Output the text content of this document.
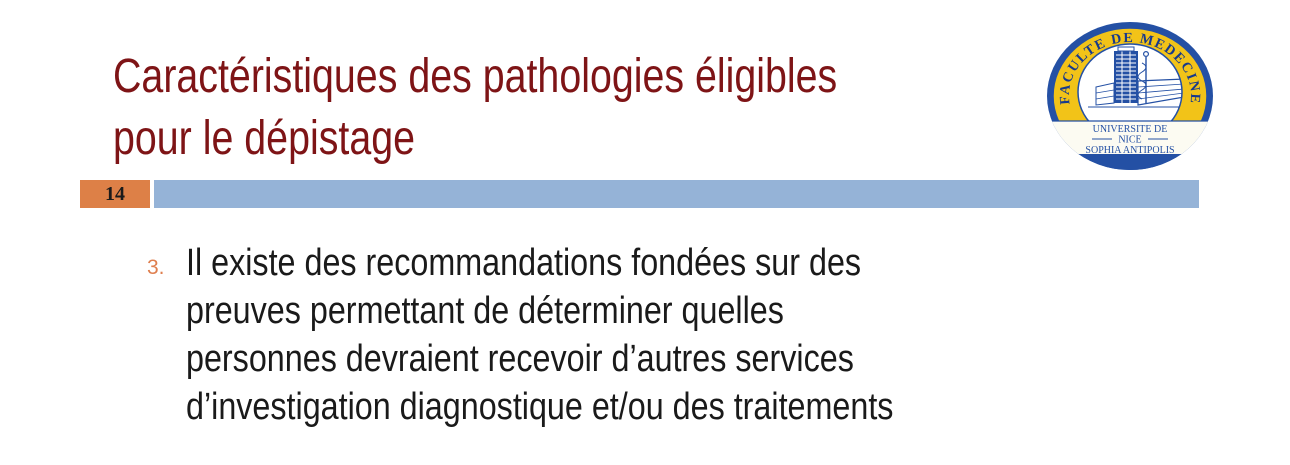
Caractéristiques des pathologies éligibles
pour le dépistage	UNIVERSITE DE
NICE
SOPHIA ANTIPOLIS
FACULTE DE MEDECINE
14
3. Il existe des recommandations fondées sur des
preuves permettant de déterminer quelles
personnes devraient recevoir d’autres services
d’investigation diagnostique et/ou des traitements
